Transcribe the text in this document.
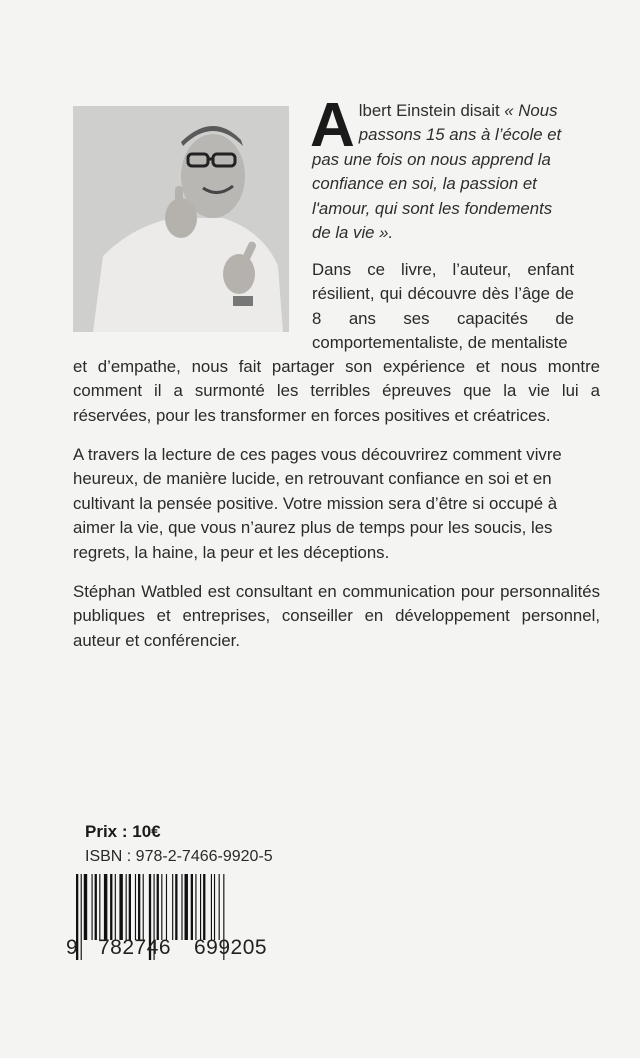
Albert Einstein disait « Nous passons 15 ans à l’école et pas une fois on nous apprend la confiance en soi, la passion et l'amour, qui sont les fondements de la vie ».
Dans ce livre, l’auteur, enfant résilient, qui découvre dès l’âge de 8 ans ses capacités de comportementaliste, de mentaliste
et d’empathe, nous fait partager son expérience et nous montre comment il a surmonté les terribles épreuves que la vie lui a réservées, pour les transformer en forces positives et créatrices.
A travers la lecture de ces pages vous découvrirez comment vivre heureux, de manière lucide, en retrouvant confiance en soi et en cultivant la pensée positive. Votre mission sera d’être si occupé à aimer la vie, que vous n’aurez plus de temps pour les soucis, les regrets, la haine, la peur et les déceptions.
Stéphan Watbled est consultant en communication pour personnalités publiques et entreprises, conseiller en développement personnel, auteur et conférencier.
Prix : 10€
ISBN : 978-2-7466-9920-5
9 782746 699205
